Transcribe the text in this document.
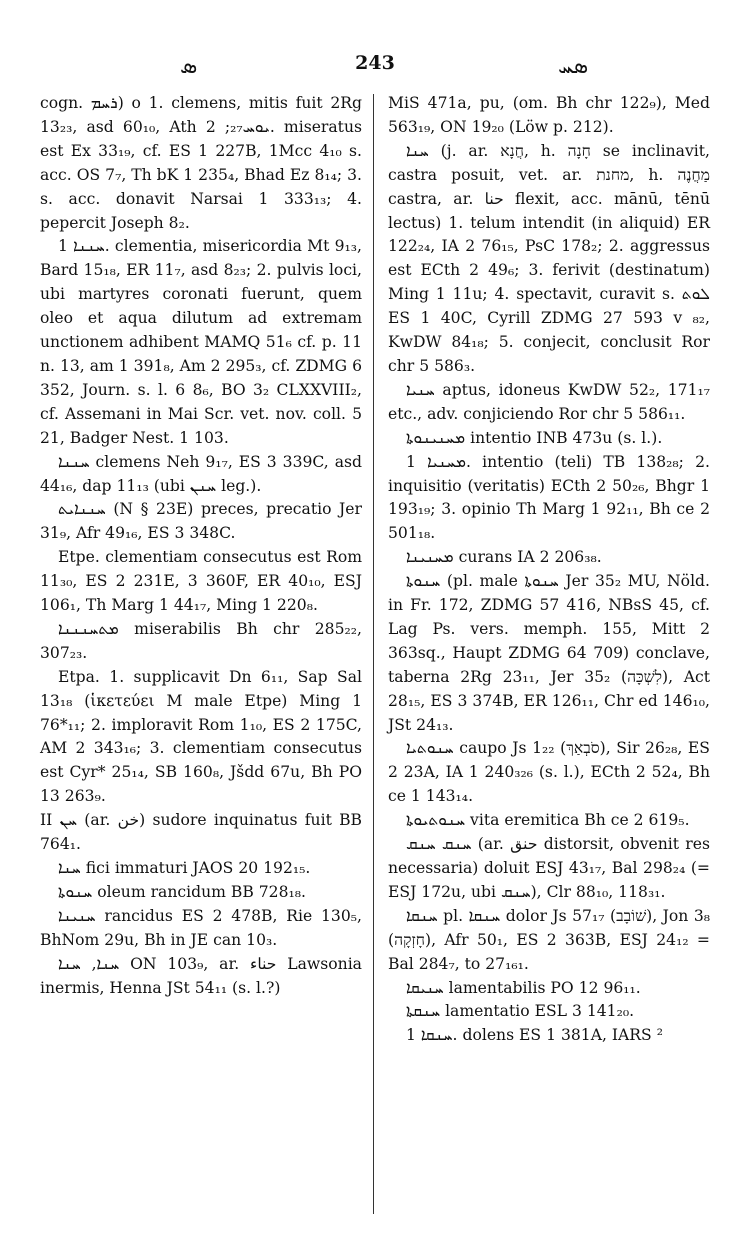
ܣ	243	ܣܚ

cogn. ܪܚܡ) o 1. clemens, mitis fuit 2Rg 13₂₃, asd 60₁₀, Ath ܝܘܚ₂₇; 2. miseratus est Ex 33₁₉, cf. ES 1 227B, 1Mcc 4₁₀ s. acc. OS 7₇, Th bK 1 235₄, Bhad Ez 8₁₄; 3. s. acc. donavit Narsai 1 333₁₃; 4. pepercit Joseph 8₂.

ܚܢܢܐ 1. clementia, misericordia Mt 9₁₃, Bard 15₁₈, ER 11₇, asd 8₂₃; 2. pulvis loci, ubi martyres coronati fuerunt, quem oleo et aqua dilutum ad extremam unctionem adhibent MAMQ 51₆ cf. p. 11 n. 13, am 1 391₈, Am 2 295₃, cf. ZDMG 6 352, Journ. s. l. 6 8₆, BO 3₂ CLXXVIII₂, cf. Assemani in Mai Scr. vet. nov. coll. 5 21, Badger Nest. 1 103.

ܚܢܢܐ clemens Neh 9₁₇, ES 3 339C, asd 44₁₆, dap 11₁₃ (ubi ܚܢܢ leg.).

ܚܢܢܐܝܬ (N § 23E) preces, precatio Jer 31₉, Afr 49₁₆, ES 3 348C.

Etpe. clementiam consecutus est Rom 11₃₀, ES 2 231E, 3 360F, ER 40₁₀, ESJ 106₁, Th Marg 1 44₁₇, Ming 1 220₈.

ܡܬܚܢܢܢܐ miserabilis Bh chr 285₂₂, 307₂₃.

Etpa. 1. supplicavit Dn 6₁₁, Sap Sal 13₁₈ (ἱκετεύει M male Etpe) Ming 1 76*₁₁; 2. imploravit Rom 1₁₀, ES 2 175C, AM 2 343₁₆; 3. clementiam consecutus est Cyr* 25₁₄, SB 160₈, Jšdd 67u, Bh PO 13 263₉.

II ܚܢ (ar. ﺧﻦ) sudore inquinatus fuit BB 764₁.

ܚܢܐ fici immaturi JAOS 20 192₁₅.

ܚܢܘܬܐ oleum rancidum BB 728₁₈.

ܚܢܝܢܐ rancidus ES 2 478B, Rie 130₅, BhNom 29u, Bh in JE can 10₃.

ܚܢܐ, ܚܢܐ ON 103₉, ar. ﺣﻨﺎﺀ Lawsonia inermis, Henna JSt 54₁₁ (s. l.?)

MiS 471a, pu, (om. Bh chr 122₉), Med 563₁₉, ON 19₂₀ (Löw p. 212).

ܚܢܐ (j. ar. חֲנָא, h. חָנָה se inclinavit, castra posuit, vet. ar. מחנת, h. מַחֲנֶה castra, ar. ﺣﻨﺎ flexit, acc. mānū, tēnū lectus) 1. telum intendit (in aliquid) ER 122₂₄, IA 2 76₁₅, PsC 178₂; 2. aggressus est ECth 2 49₆; 3. ferivit (destinatum) Ming 1 11u; 4. spectavit, curavit s. ܠܘܬ ES 1 40C, Cyrill ZDMG 27 593 v ₈₂, KwDW 84₁₈; 5. conjecit, conclusit Ror chr 5 586₃.

ܚܢܝܐ aptus, idoneus KwDW 52₂, 171₁₇ etc., adv. conjiciendo Ror chr 5 586₁₁.

ܡܚܢܝܢܘܬܐ intentio INB 473u (s. l.).

ܡܚܢܝܐ 1. intentio (teli) TB 138₂₈; 2. inquisitio (veritatis) ECth 2 50₂₆, Bhgr 1 193₁₉; 3. opinio Th Marg 1 92₁₁, Bh ce 2 501₁₈.

ܡܚܢܝܢܐ curans IA 2 206₃₈.

ܚܢܘܬܐ (pl. male ܚܢܘܬܐ Jer 35₂ MU, Nöld. in Fr. 172, ZDMG 57 416, NBsS 45, cf. Lag Ps. vers. memph. 155, Mitt 2 363sq., Haupt ZDMG 64 709) conclave, taberna 2Rg 23₁₁, Jer 35₂ (לִשְׁכָּה), Act 28₁₅, ES 3 374B, ER 126₁₁, Chr ed 146₁₀, JSt 24₁₃.

ܚܢܘܬܝܐ caupo Js 1₂₂ (סֹבְאַךְ), Sir 26₂₈, ES 2 23A, IA 1 240₃₂₆ (s. l.), ECth 2 52₄, Bh ce 1 143₁₄.

ܚܢܘܬܝܘܬܐ vita eremitica Bh ce 2 619₅.

ܚܢܩ ܚܢܩ (ar. ﺣﻨﻖ distorsit, obvenit res necessaria) doluit ESJ 43₁₇, Bal 298₂₄ (= ESJ 172u, ubi ܚܢܩ), Clr 88₁₀, 118₃₁.

ܚܢܩܐ pl. ܚܢܩܐ dolor Js 57₁₇ (שׁוֹבָב), Jon 3₈ (חָזְקָה), Afr 50₁, ES 2 363B, ESJ 24₁₂ = Bal 284₇, to 27₁₆₁.

ܚܢܝܩܐ lamentabilis PO 12 96₁₁.

ܚܢܩܬܐ lamentatio ESL 3 141₂₀.

ܚܢܩܐ 1. dolens ES 1 381A, IARS ²
